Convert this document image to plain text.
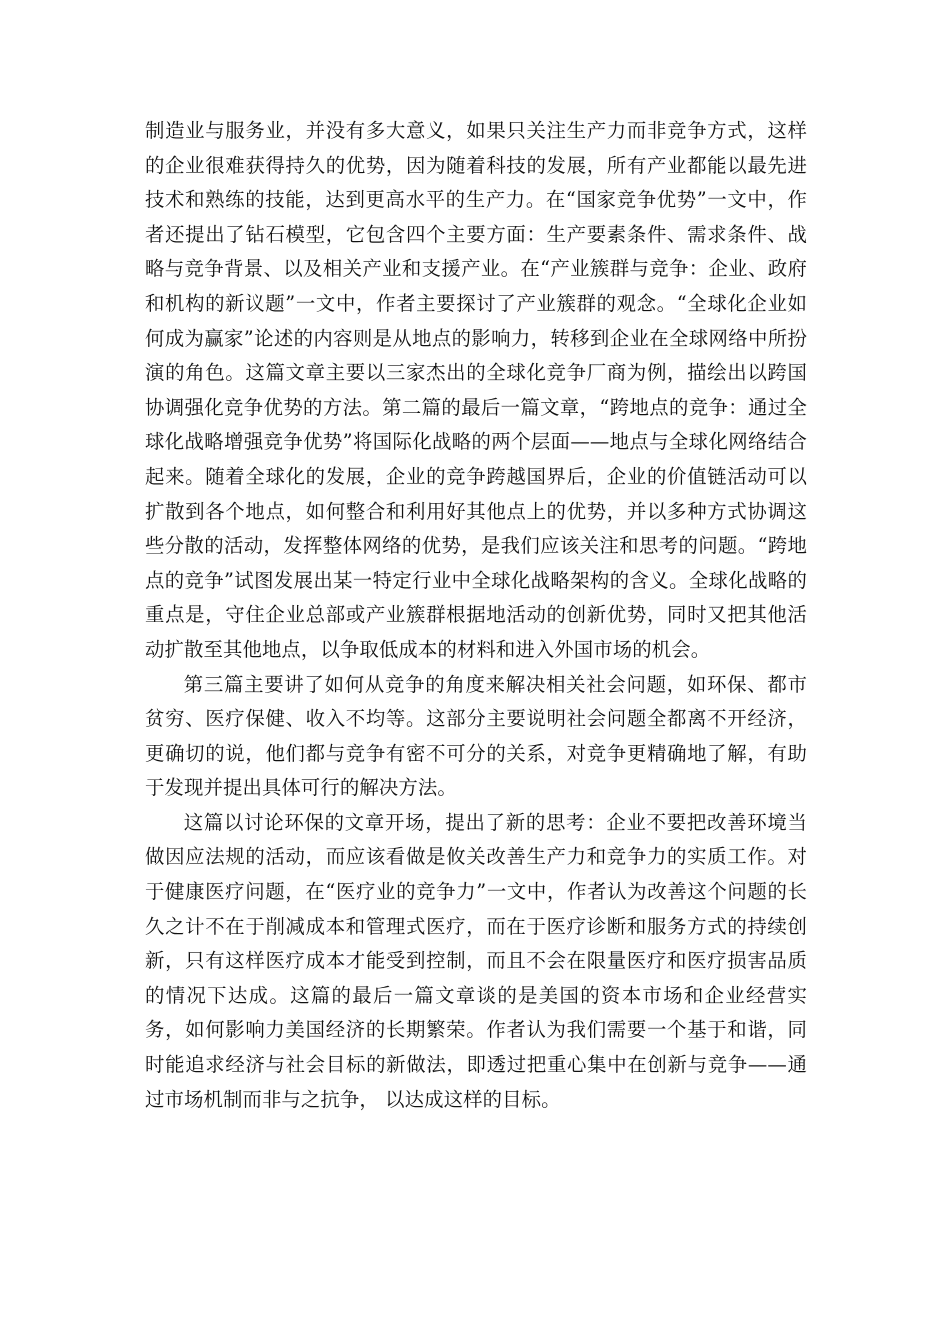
制造业与服务业，并没有多大意义，如果只关注生产力而非竞争方式，这样的企业很难获得持久的优势，因为随着科技的发展，所有产业都能以最先进技术和熟练的技能，达到更高水平的生产力。在“国家竞争优势”一文中，作者还提出了钻石模型，它包含四个主要方面：生产要素条件、需求条件、战略与竞争背景、以及相关产业和支援产业。在“产业簇群与竞争：企业、政府和机构的新议题”一文中，作者主要探讨了产业簇群的观念。“全球化企业如何成为赢家”论述的内容则是从地点的影响力，转移到企业在全球网络中所扮演的角色。这篇文章主要以三家杰出的全球化竞争厂商为例，描绘出以跨国协调强化竞争优势的方法。第二篇的最后一篇文章，“跨地点的竞争：通过全球化战略增强竞争优势”将国际化战略的两个层面——地点与全球化网络结合起来。随着全球化的发展，企业的竞争跨越国界后，企业的价值链活动可以扩散到各个地点，如何整合和利用好其他点上的优势，并以多种方式协调这些分散的活动，发挥整体网络的优势，是我们应该关注和思考的问题。“跨地点的竞争”试图发展出某一特定行业中全球化战略架构的含义。全球化战略的重点是，守住企业总部或产业簇群根据地活动的创新优势，同时又把其他活动扩散至其他地点，以争取低成本的材料和进入外国市场的机会。

第三篇主要讲了如何从竞争的角度来解决相关社会问题，如环保、都市贫穷、医疗保健、收入不均等。这部分主要说明社会问题全都离不开经济，更确切的说，他们都与竞争有密不可分的关系，对竞争更精确地了解，有助于发现并提出具体可行的解决方法。

这篇以讨论环保的文章开场，提出了新的思考：企业不要把改善环境当做因应法规的活动，而应该看做是攸关改善生产力和竞争力的实质工作。对于健康医疗问题，在“医疗业的竞争力”一文中，作者认为改善这个问题的长久之计不在于削减成本和管理式医疗，而在于医疗诊断和服务方式的持续创新，只有这样医疗成本才能受到控制，而且不会在限量医疗和医疗损害品质的情况下达成。这篇的最后一篇文章谈的是美国的资本市场和企业经营实务，如何影响力美国经济的长期繁荣。作者认为我们需要一个基于和谐，同时能追求经济与社会目标的新做法，即透过把重心集中在创新与竞争——通过市场机制而非与之抗争， 以达成这样的目标。
